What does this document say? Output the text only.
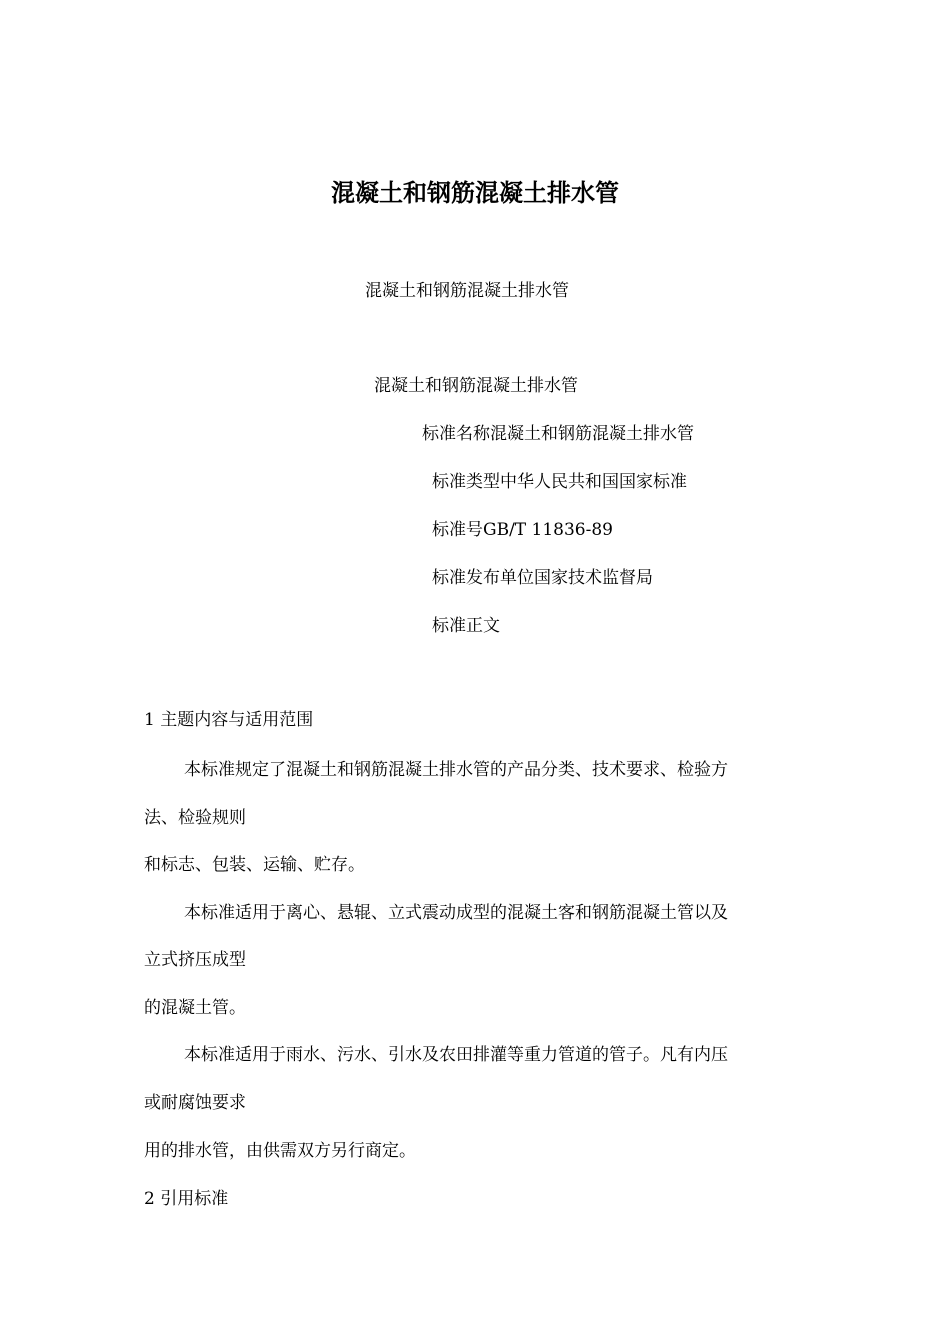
混凝土和钢筋混凝土排水管

混凝土和钢筋混凝土排水管

混凝土和钢筋混凝土排水管

标准名称混凝土和钢筋混凝土排水管

标准类型中华人民共和国国家标准

标准号GB/T 11836-89

标准发布单位国家技术监督局

标准正文

1 主题内容与适用范围

本标准规定了混凝土和钢筋混凝土排水管的产品分类、技术要求、检验方

法、检验规则

和标志、包装、运输、贮存。

本标准适用于离心、悬辊、立式震动成型的混凝土客和钢筋混凝土管以及

立式挤压成型

的混凝土管。

本标准适用于雨水、污水、引水及农田排灌等重力管道的管子。凡有内压

或耐腐蚀要求

用的排水管，由供需双方另行商定。

2 引用标准
